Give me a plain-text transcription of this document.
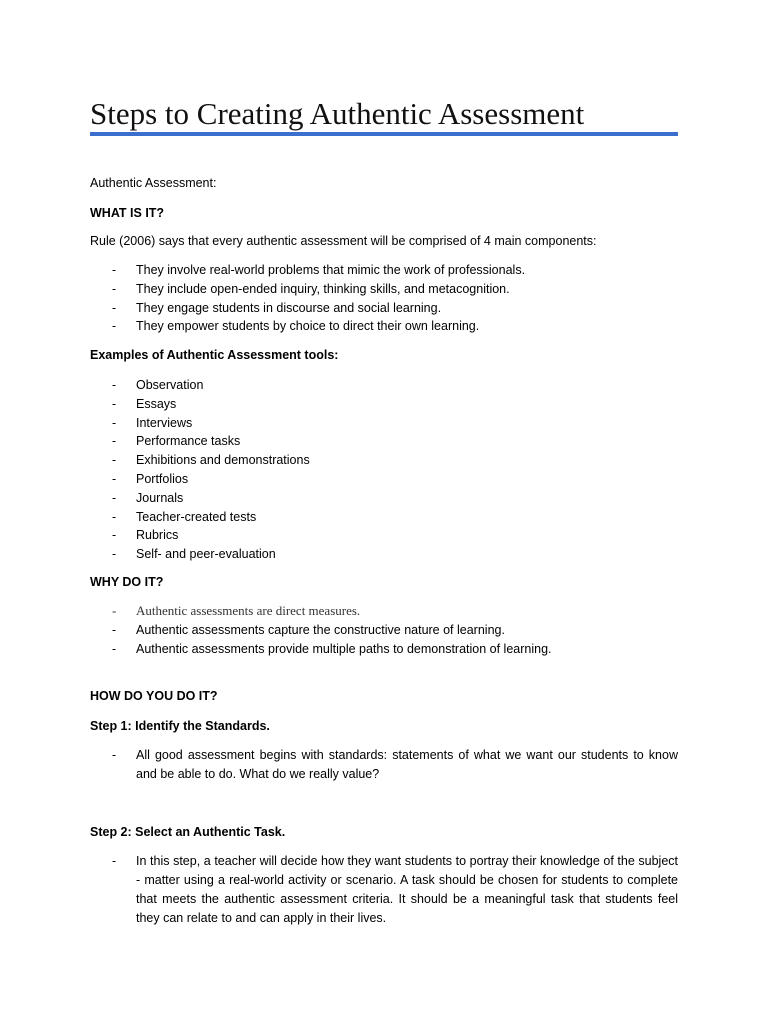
Steps to Creating Authentic Assessment
Authentic Assessment:
WHAT IS IT?
Rule (2006) says that every authentic assessment will be comprised of 4 main components:
- They involve real-world problems that mimic the work of professionals.
- They include open-ended inquiry, thinking skills, and metacognition.
- They engage students in discourse and social learning.
- They empower students by choice to direct their own learning.
Examples of Authentic Assessment tools:
- Observation
- Essays
- Interviews
- Performance tasks
- Exhibitions and demonstrations
- Portfolios
- Journals
- Teacher-created tests
- Rubrics
- Self- and peer-evaluation
WHY DO IT?
- Authentic assessments are direct measures.
- Authentic assessments capture the constructive nature of learning.
- Authentic assessments provide multiple paths to demonstration of learning.
HOW DO YOU DO IT?
Step 1: Identify the Standards.
- All good assessment begins with standards: statements of what we want our students to know and be able to do. What do we really value?
Step 2: Select an Authentic Task.
- In this step, a teacher will decide how they want students to portray their knowledge of the subject - matter using a real-world activity or scenario. A task should be chosen for students to complete that meets the authentic assessment criteria. It should be a meaningful task that students feel they can relate to and can apply in their lives.
